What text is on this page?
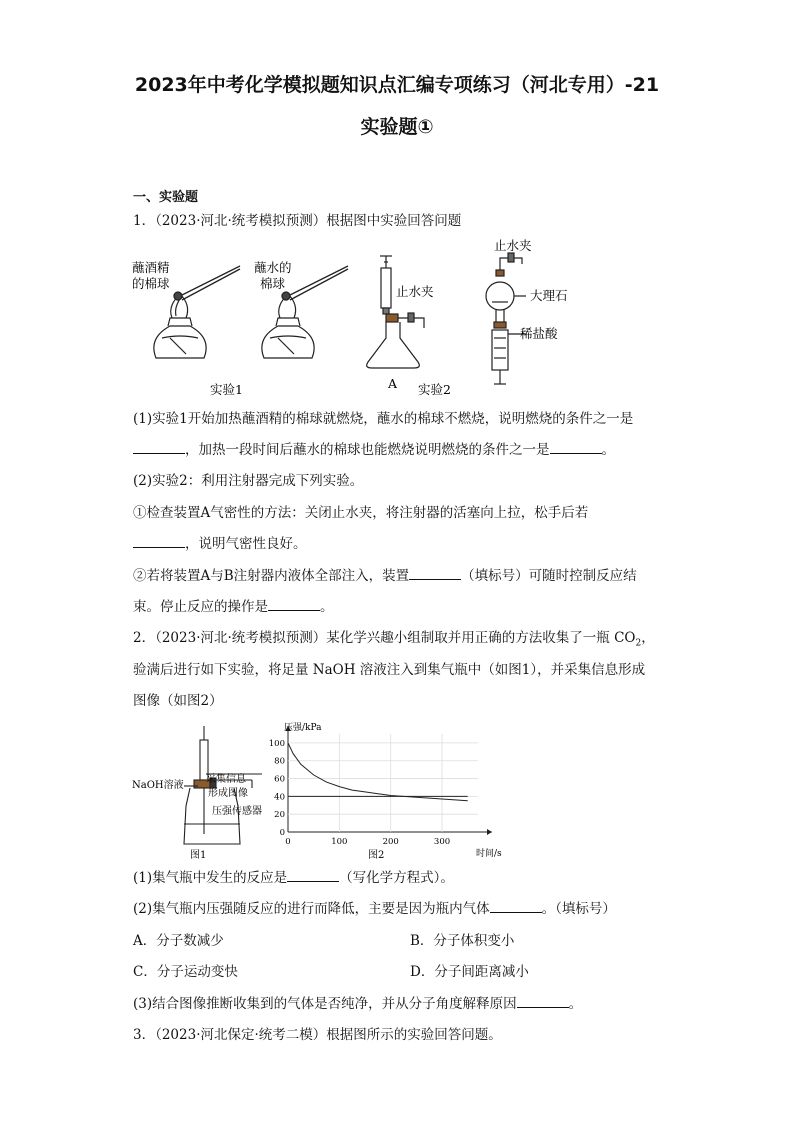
2023年中考化学模拟题知识点汇编专项练习（河北专用）-21
实验题①
一、实验题
1．（2023·河北·统考模拟预测）根据图中实验回答问题
蘸酒精
的棉球
蘸水的
棉球
止水夹
A
止水夹
大理石
稀盐酸
实验1	实验2
(1)实验1开始加热蘸酒精的棉球就燃烧，蘸水的棉球不燃烧，说明燃烧的条件之一是
，加热一段时间后蘸水的棉球也能燃烧说明燃烧的条件之一是	。
(2)实验2：利用注射器完成下列实验。
①检查装置A气密性的方法：关闭止水夹，将注射器的活塞向上拉，松手后若
，说明气密性良好。
②若将装置A与B注射器内液体全部注入，装置	（填标号）可随时控制反应结
束。停止反应的操作是	。
2．（2023·河北·统考模拟预测）某化学兴趣小组制取并用正确的方法收集了一瓶 $CO_2$，
验满后进行如下实验，将足量 NaOH 溶液注入到集气瓶中（如图1），并采集信息形成
图像（如图2）
NaOH溶液
采集信息
形成图像
压强传感器
图1
0
20
40
60
80
100
0	100	200	300
压强/kPa
时间/s
图2
(1)集气瓶中发生的反应是	（写化学方程式）。
(2)集气瓶内压强随反应的进行而降低，主要是因为瓶内气体	。（填标号）
A．分子数减少	B．分子体积变小
C．分子运动变快	D．分子间距离减小
(3)结合图像推断收集到的气体是否纯净，并从分子角度解释原因	。
3．（2023·河北保定·统考二模）根据图所示的实验回答问题。
